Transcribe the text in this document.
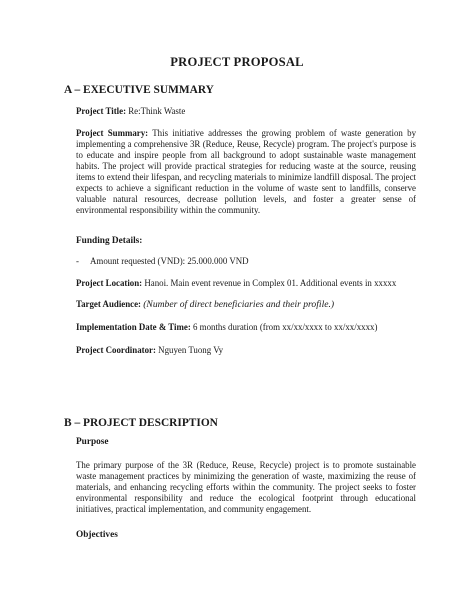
PROJECT PROPOSAL
A – EXECUTIVE SUMMARY
Project Title: Re:Think Waste
Project Summary: This initiative addresses the growing problem of waste generation by implementing a comprehensive 3R (Reduce, Reuse, Recycle) program. The project's purpose is to educate and inspire people from all background to adopt sustainable waste management habits. The project will provide practical strategies for reducing waste at the source, reusing items to extend their lifespan, and recycling materials to minimize landfill disposal. The project expects to achieve a significant reduction in the volume of waste sent to landfills, conserve valuable natural resources, decrease pollution levels, and foster a greater sense of environmental responsibility within the community.
Funding Details:
- Amount requested (VND): 25.000.000 VND
Project Location: Hanoi. Main event revenue in Complex 01. Additional events in xxxxx
Target Audience: (Number of direct beneficiaries and their profile.)
Implementation Date & Time: 6 months duration (from xx/xx/xxxx to xx/xx/xxxx)
Project Coordinator: Nguyen Tuong Vy
B – PROJECT DESCRIPTION
Purpose
The primary purpose of the 3R (Reduce, Reuse, Recycle) project is to promote sustainable waste management practices by minimizing the generation of waste, maximizing the reuse of materials, and enhancing recycling efforts within the community. The project seeks to foster environmental responsibility and reduce the ecological footprint through educational initiatives, practical implementation, and community engagement.
Objectives
